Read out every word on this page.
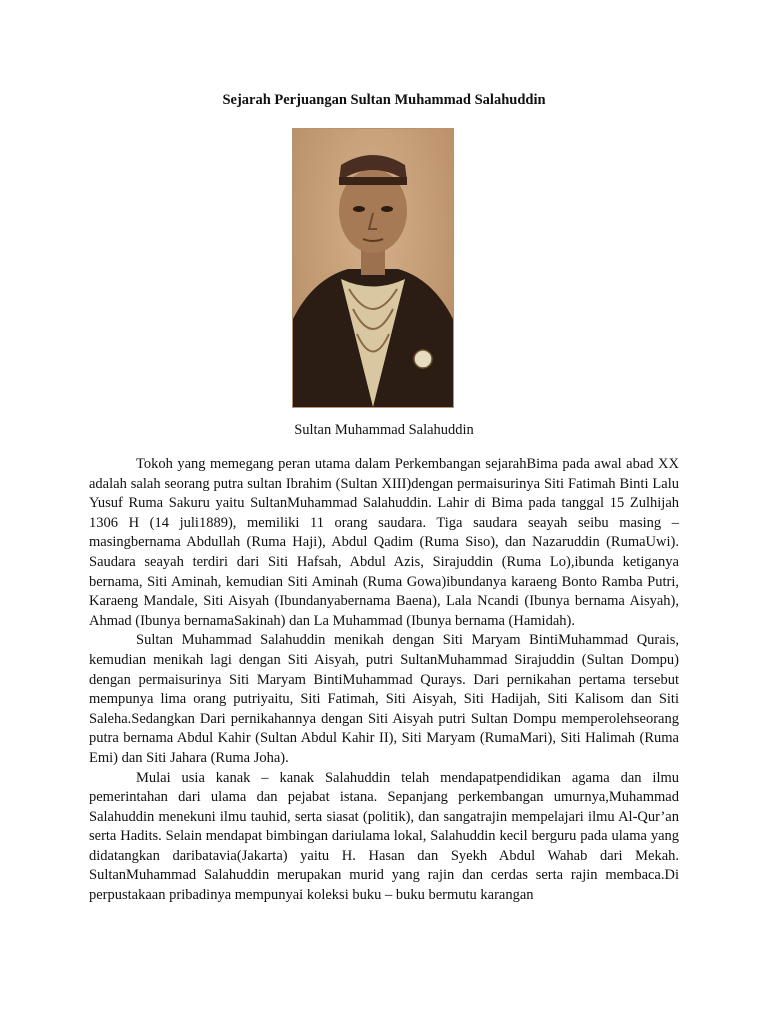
Sejarah Perjuangan Sultan Muhammad Salahuddin
Sultan Muhammad Salahuddin

Tokoh yang memegang peran utama dalam Perkembangan sejarahBima pada awal abad XX adalah salah seorang putra sultan Ibrahim (Sultan XIII)dengan permaisurinya Siti Fatimah Binti Lalu Yusuf Ruma Sakuru yaitu SultanMuhammad Salahuddin. Lahir di Bima pada tanggal 15 Zulhijah 1306 H (14 juli1889), memiliki 11 orang saudara. Tiga saudara seayah seibu masing – masingbernama Abdullah (Ruma Haji), Abdul Qadim (Ruma Siso), dan Nazaruddin (RumaUwi). Saudara seayah terdiri dari Siti Hafsah, Abdul Azis, Sirajuddin (Ruma Lo),ibunda ketiganya bernama, Siti Aminah, kemudian Siti Aminah (Ruma Gowa)ibundanya karaeng Bonto Ramba Putri, Karaeng Mandale, Siti Aisyah (Ibundanyabernama Baena), Lala Ncandi (Ibunya bernama Aisyah), Ahmad (Ibunya bernamaSakinah) dan La Muhammad (Ibunya bernama (Hamidah).

Sultan Muhammad Salahuddin menikah dengan Siti Maryam BintiMuhammad Qurais, kemudian menikah lagi dengan Siti Aisyah, putri SultanMuhammad Sirajuddin (Sultan Dompu) dengan permaisurinya Siti Maryam BintiMuhammad Qurays. Dari pernikahan pertama tersebut mempunya lima orang putriyaitu, Siti Fatimah, Siti Aisyah, Siti Hadijah, Siti Kalisom dan Siti Saleha.Sedangkan Dari pernikahannya dengan Siti Aisyah putri Sultan Dompu memperolehseorang putra bernama Abdul Kahir (Sultan Abdul Kahir II), Siti Maryam (RumaMari), Siti Halimah (Ruma Emi) dan Siti Jahara (Ruma Joha).

Mulai usia kanak – kanak Salahuddin telah mendapatpendidikan agama dan ilmu pemerintahan dari ulama dan pejabat istana. Sepanjang perkembangan umurnya,Muhammad Salahuddin menekuni ilmu tauhid, serta siasat (politik), dan sangatrajin mempelajari ilmu Al-Qur’an serta Hadits. Selain mendapat bimbingan dariulama lokal, Salahuddin kecil berguru pada ulama yang didatangkan daribatavia(Jakarta) yaitu H. Hasan dan Syekh Abdul Wahab dari Mekah. SultanMuhammad Salahuddin merupakan murid yang rajin dan cerdas serta rajin membaca.Di perpustakaan pribadinya mempunyai koleksi buku – buku bermutu karangan
